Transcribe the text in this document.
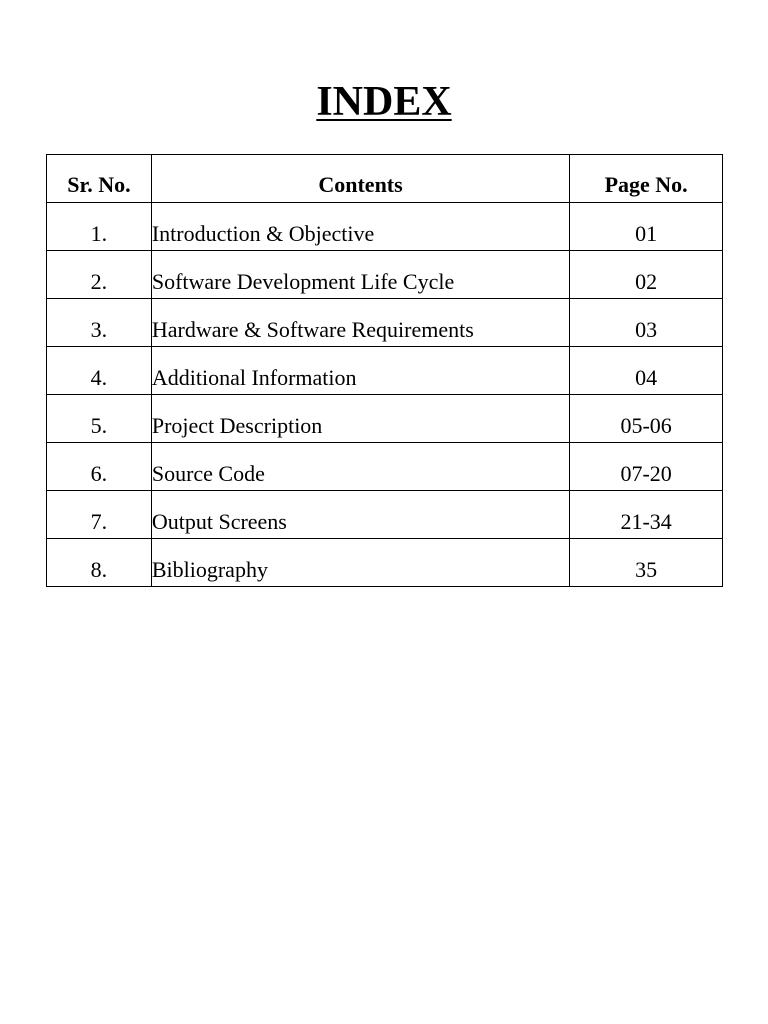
INDEX
Sr. No.	Contents	Page No.
1.	Introduction & Objective	01
2.	Software Development Life Cycle	02
3.	Hardware & Software Requirements	03
4.	Additional Information	04
5.	Project Description	05-06
6.	Source Code	07-20
7.	Output Screens	21-34
8.	Bibliography	35
